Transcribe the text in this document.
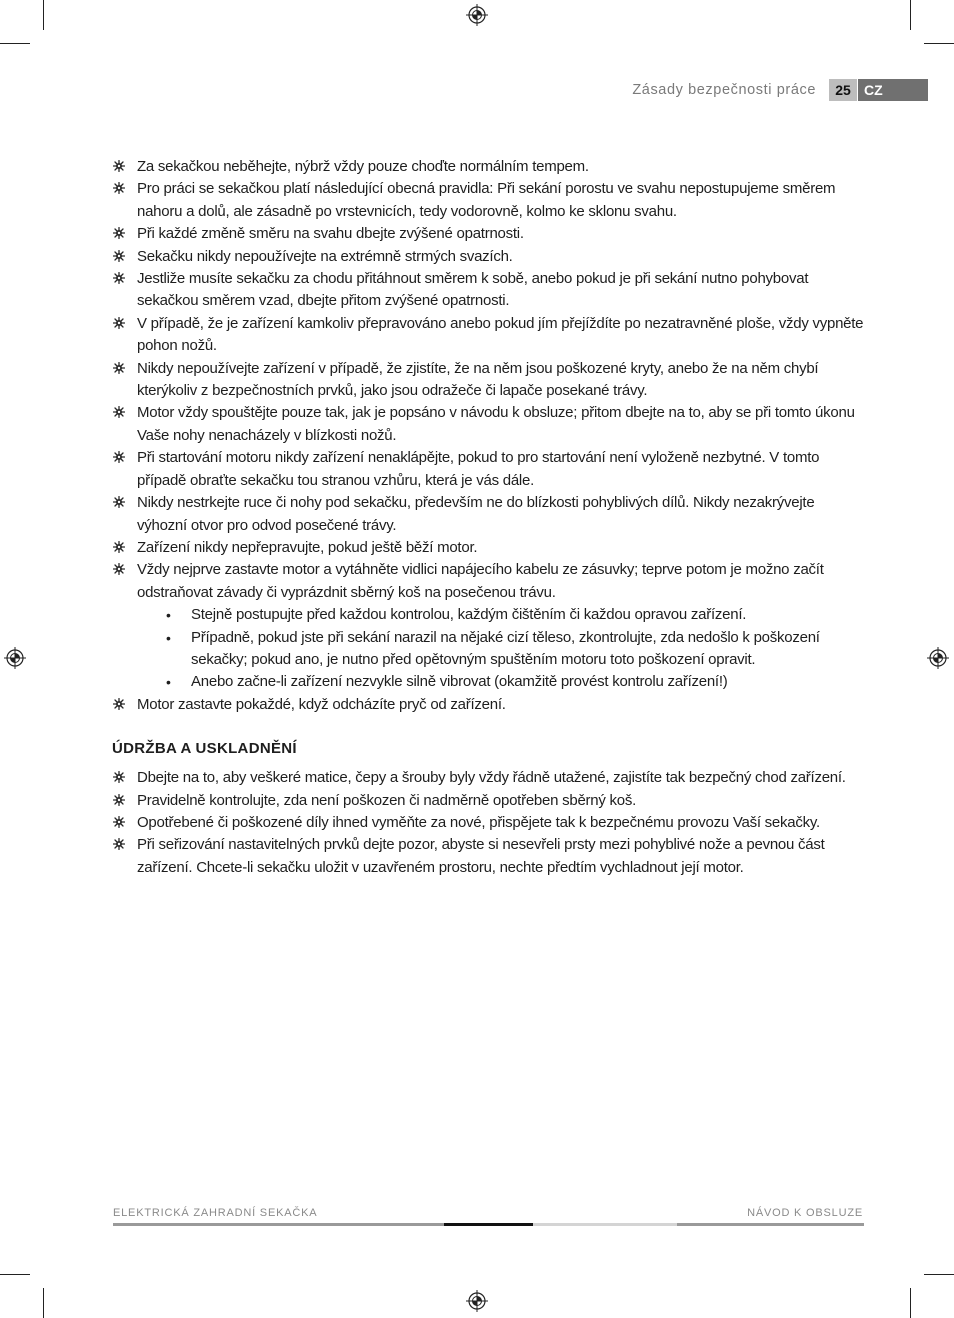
Zásady bezpečnosti práce	25 CZ
Za sekačkou neběhejte, nýbrž vždy pouze choďte normálním tempem.
Pro práci se sekačkou platí následující obecná pravidla: Při sekání porostu ve svahu nepostupujeme směrem nahoru a dolů, ale zásadně po vrstevnicích, tedy vodorovně, kolmo ke sklonu svahu.
Při každé změně směru na svahu dbejte zvýšené opatrnosti.
Sekačku nikdy nepoužívejte na extrémně strmých svazích.
Jestliže musíte sekačku za chodu přitáhnout směrem k sobě, anebo pokud je při sekání nutno pohybovat sekačkou směrem vzad, dbejte přitom zvýšené opatrnosti.
V případě, že je zařízení kamkoliv přepravováno anebo pokud jím přejíždíte po nezatravněné ploše, vždy vypněte pohon nožů.
Nikdy nepoužívejte zařízení v případě, že zjistíte, že na něm jsou poškozené kryty, anebo že na něm chybí kterýkoliv z bezpečnostních prvků, jako jsou odražeče či lapače posekané trávy.
Motor vždy spouštějte pouze tak, jak je popsáno v návodu k obsluze; přitom dbejte na to, aby se při tomto úkonu Vaše nohy nenacházely v blízkosti nožů.
Při startování motoru nikdy zařízení nenaklápějte, pokud to pro startování není vyloženě nezbytné. V tomto případě obraťte sekačku tou stranou vzhůru, která je vás dále.
Nikdy nestrkejte ruce či nohy pod sekačku, především ne do blízkosti pohyblivých dílů. Nikdy nezakrývejte výhozní otvor pro odvod posečené trávy.
Zařízení nikdy nepřepravujte, pokud ještě běží motor.
Vždy nejprve zastavte motor a vytáhněte vidlici napájecího kabelu ze zásuvky; teprve potom je možno začít odstraňovat závady či vyprázdnit sběrný koš na posečenou trávu.
• Stejně postupujte před každou kontrolou, každým čištěním či každou opravou zařízení.
• Případně, pokud jste při sekání narazil na nějaké cizí těleso, zkontrolujte, zda nedošlo k poškození sekačky; pokud ano, je nutno před opětovným spuštěním motoru toto poškození opravit.
• Anebo začne-li zařízení nezvykle silně vibrovat (okamžitě provést kontrolu zařízení!)
Motor zastavte pokaždé, když odcházíte pryč od zařízení.
ÚDRŽBA A USKLADNĚNÍ
Dbejte na to, aby veškeré matice, čepy a šrouby byly vždy řádně utažené, zajistíte tak bezpečný chod zařízení.
Pravidelně kontrolujte, zda není poškozen či nadměrně opotřeben sběrný koš.
Opotřebené či poškozené díly ihned vyměňte za nové, přispějete tak k bezpečnému provozu Vaší sekačky.
Při seřizování nastavitelných prvků dejte pozor, abyste si nesevřeli prsty mezi pohyblivé nože a pevnou část zařízení. Chcete-li sekačku uložit v uzavřeném prostoru, nechte předtím vychladnout její motor.
ELEKTRICKÁ ZAHRADNÍ SEKAČKA	NÁVOD K OBSLUZE
